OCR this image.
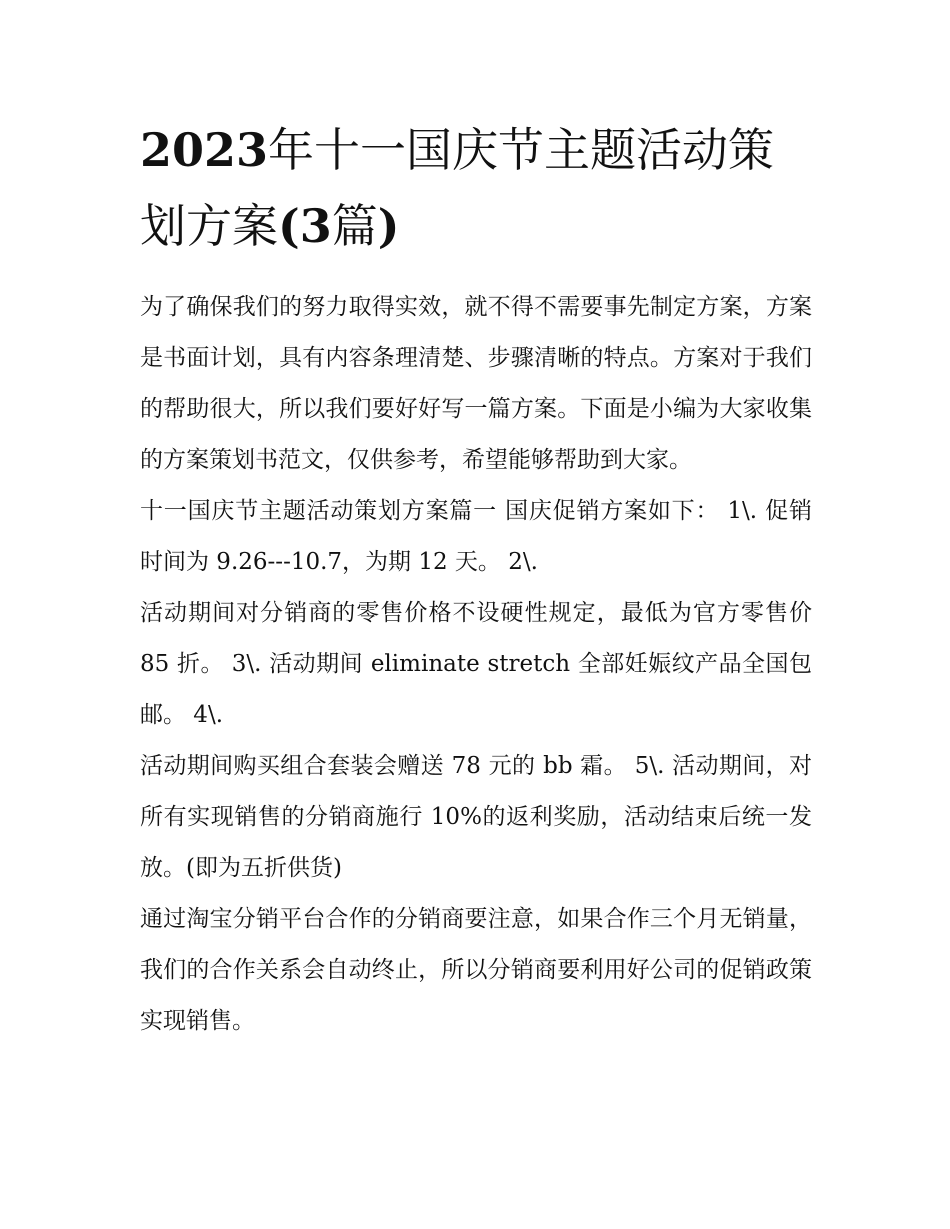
2023年十一国庆节主题活动策划方案(3篇)

为了确保我们的努力取得实效，就不得不需要事先制定方案，方案是书面计划，具有内容条理清楚、步骤清晰的特点。方案对于我们的帮助很大，所以我们要好好写一篇方案。下面是小编为大家收集的方案策划书范文，仅供参考，希望能够帮助到大家。

十一国庆节主题活动策划方案篇一 国庆促销方案如下： 1\. 促销时间为 9.26---10.7，为期 12 天。 2\.

活动期间对分销商的零售价格不设硬性规定，最低为官方零售价 85 折。 3\. 活动期间 eliminate stretch 全部妊娠纹产品全国包邮。 4\.

活动期间购买组合套装会赠送 78 元的 bb 霜。 5\. 活动期间，对所有实现销售的分销商施行 10%的返利奖励，活动结束后统一发放。(即为五折供货)

通过淘宝分销平台合作的分销商要注意，如果合作三个月无销量，我们的合作关系会自动终止，所以分销商要利用好公司的促销政策实现销售。
